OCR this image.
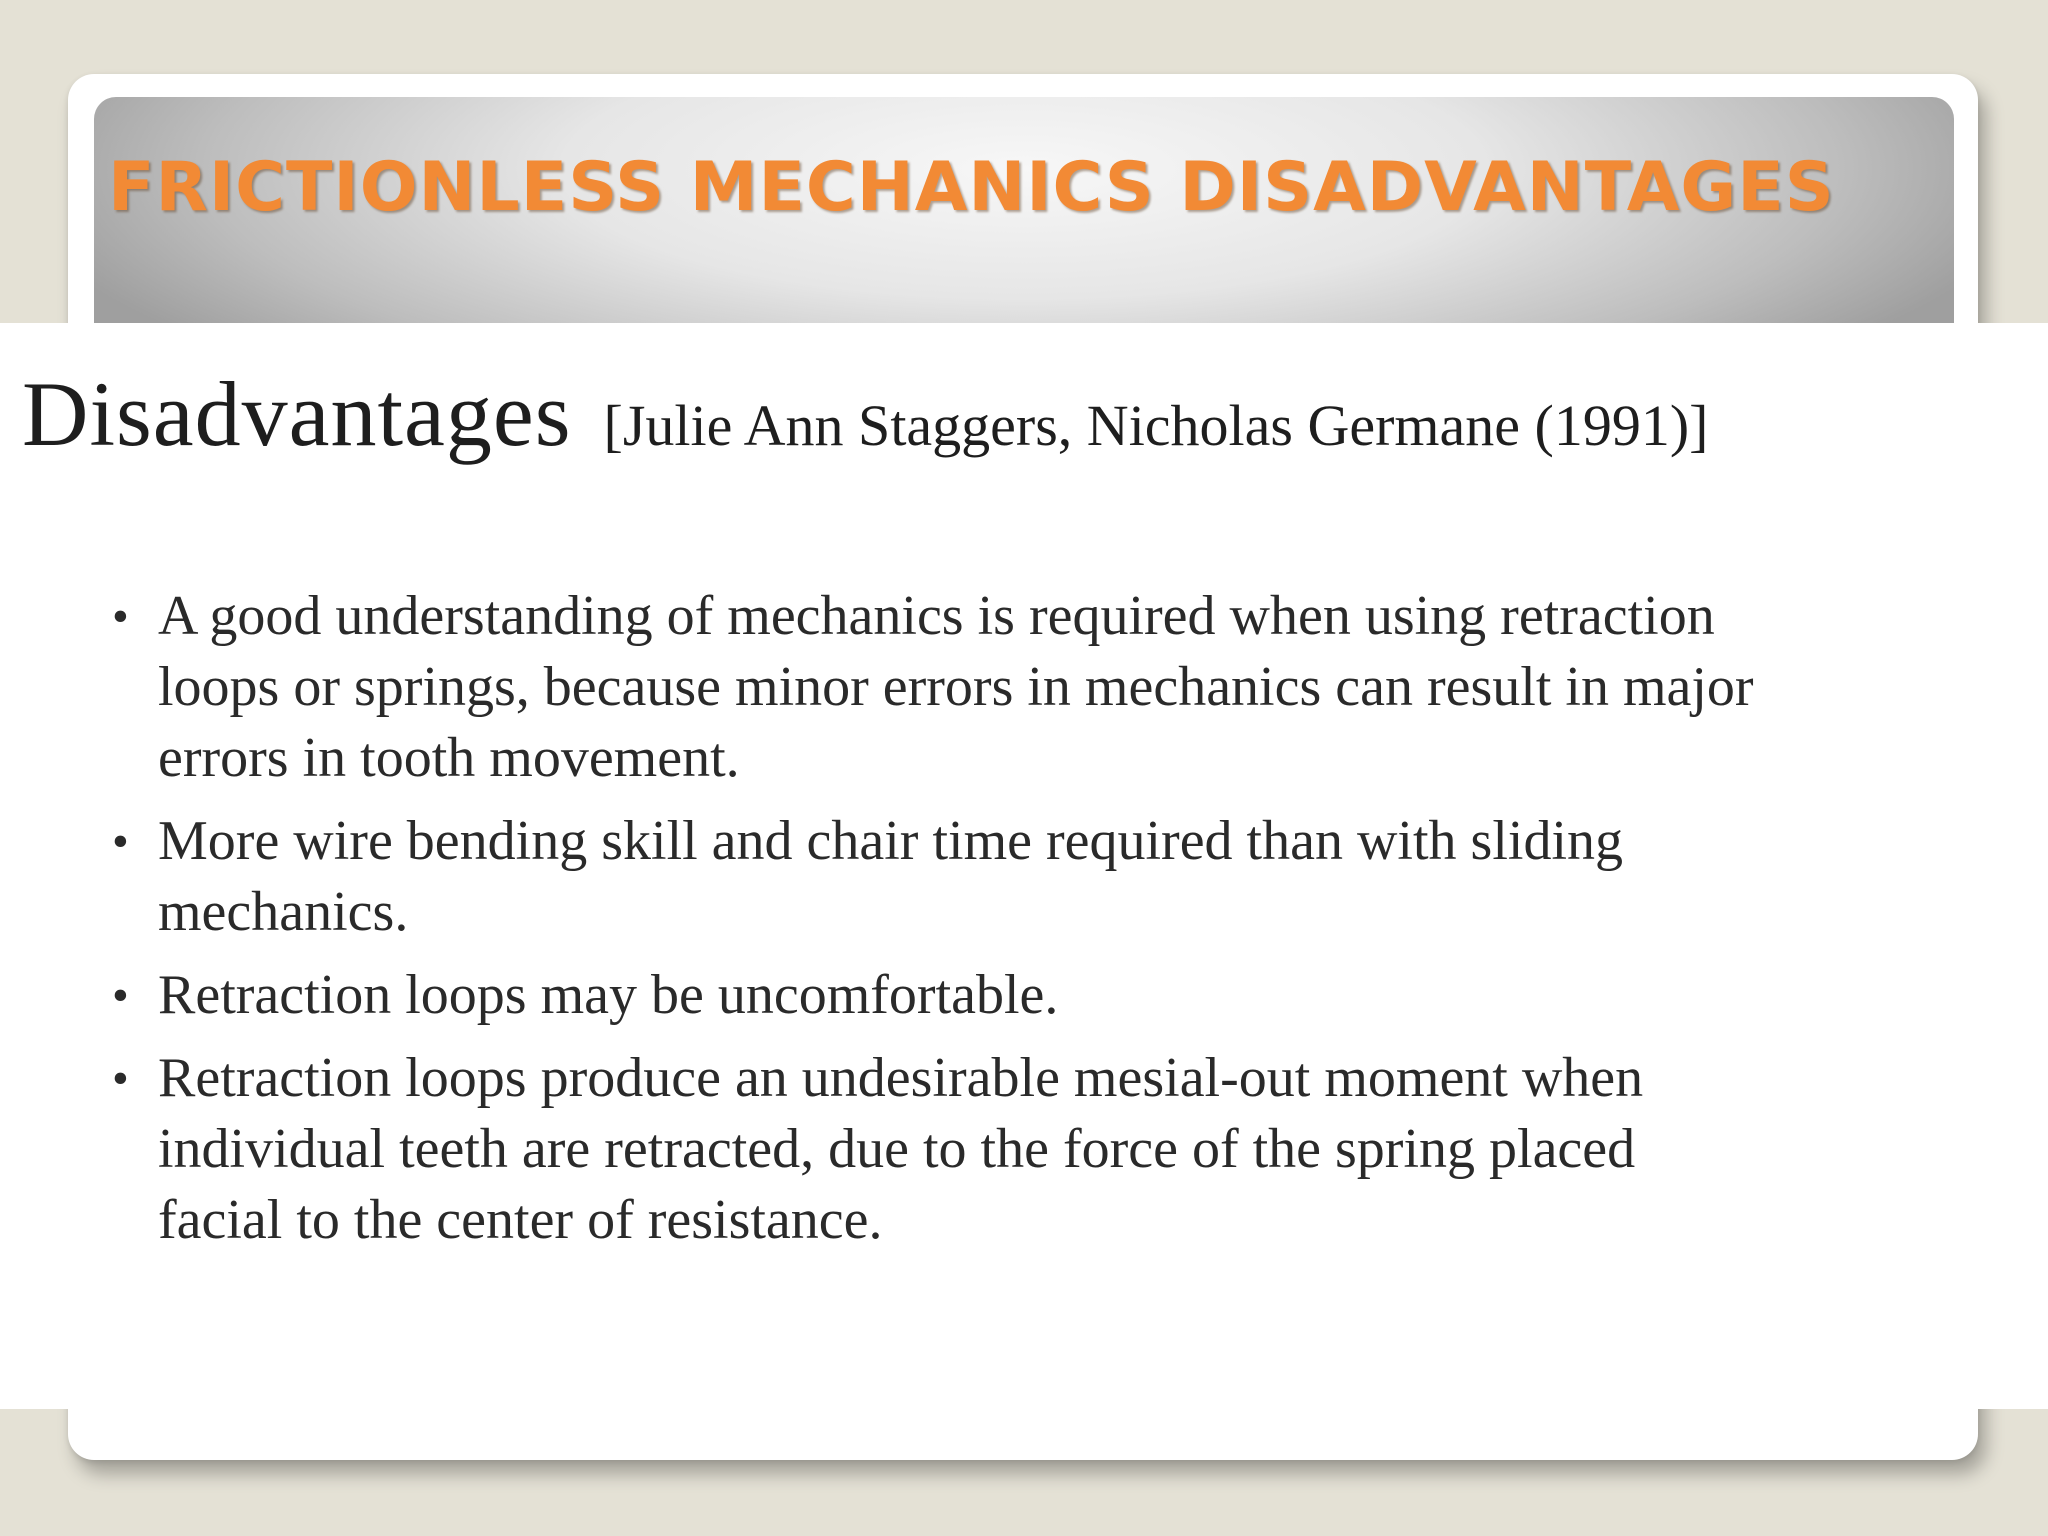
FRICTIONLESS MECHANICS DISADVANTAGES
Disadvantages [Julie Ann Staggers, Nicholas Germane (1991)]
• A good understanding of mechanics is required when using retraction
loops or springs, because minor errors in mechanics can result in major
errors in tooth movement.
• More wire bending skill and chair time required than with sliding
mechanics.
• Retraction loops may be uncomfortable.
• Retraction loops produce an undesirable mesial-out moment when
individual teeth are retracted, due to the force of the spring placed
facial to the center of resistance.
